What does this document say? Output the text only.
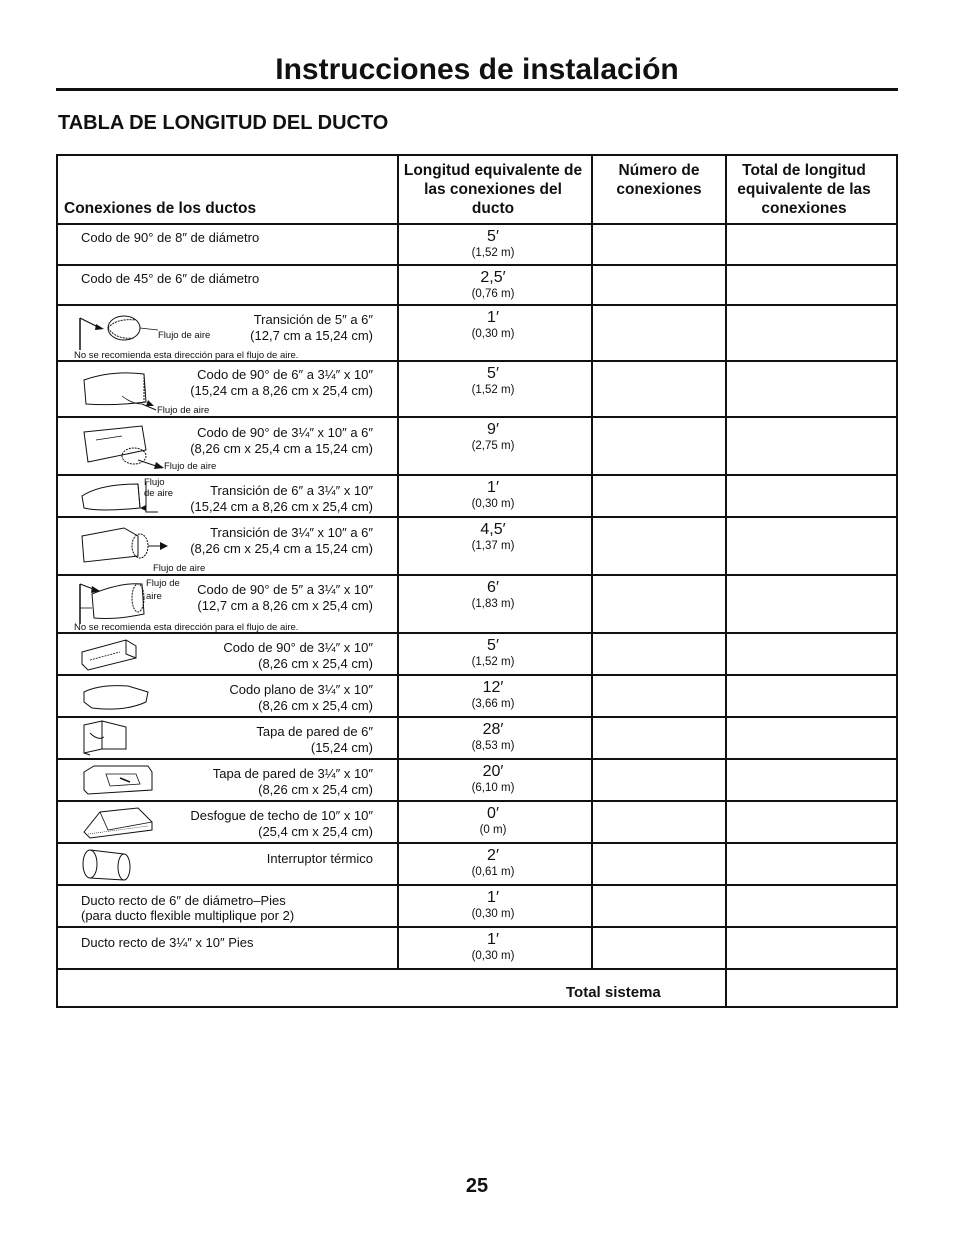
Instrucciones de instalación
TABLA DE LONGITUD DEL DUCTO
Conexiones de los ductos
Longitud equivalente de las conexiones del ducto
Número de conexiones
Total de longitud equivalente de las conexiones
Codo de 90° de 8″ de diámetro	5′
(1,52 m)
Codo de 45° de 6″ de diámetro	2,5′
(0,76 m)
Flujo de aire
Transición de 5″ a 6″
(12,7 cm a 15,24 cm)
No se recomienda esta dirección para el flujo de aire.
1′
(0,30 m)
Flujo de aire
Codo de 90° de 6″ a 3¼″ x 10″
(15,24 cm a 8,26 cm x 25,4 cm)
5′
(1,52 m)
Flujo de aire
Codo de 90° de 3¼″ x 10″ a 6″
(8,26 cm x 25,4 cm a 15,24 cm)
9′
(2,75 m)
Flujo
de aire	Transición de 6″ a 3¼″ x 10″
(15,24 cm a 8,26 cm x 25,4 cm)
1′
(0,30 m)
Flujo de aire
Transición de 3¼″ x 10″ a 6″
(8,26 cm x 25,4 cm a 15,24 cm)
4,5′
(1,37 m)
Flujo de
aire	Codo de 90° de 5″ a 3¼″ x 10″
(12,7 cm a 8,26 cm x 25,4 cm)
No se recomienda esta dirección para el flujo de aire.
6′
(1,83 m)
Codo de 90° de 3¼″ x 10″
(8,26 cm x 25,4 cm)
5′
(1,52 m)
Codo plano de 3¼″ x 10″
(8,26 cm x 25,4 cm)
12′
(3,66 m)
Tapa de pared de 6″
(15,24 cm)
28′
(8,53 m)
Tapa de pared de 3¼″ x 10″
(8,26 cm x 25,4 cm)
20′
(6,10 m)
Desfogue de techo de 10″ x 10″
(25,4 cm x 25,4 cm)
0′
(0 m)
Interruptor térmico	2′
(0,61 m)
Ducto recto de 6″ de diámetro–Pies
(para ducto flexible multiplique por 2)
1′
(0,30 m)
Ducto recto de 3¼″ x 10″ Pies	1′
(0,30 m)
Total sistema
25
